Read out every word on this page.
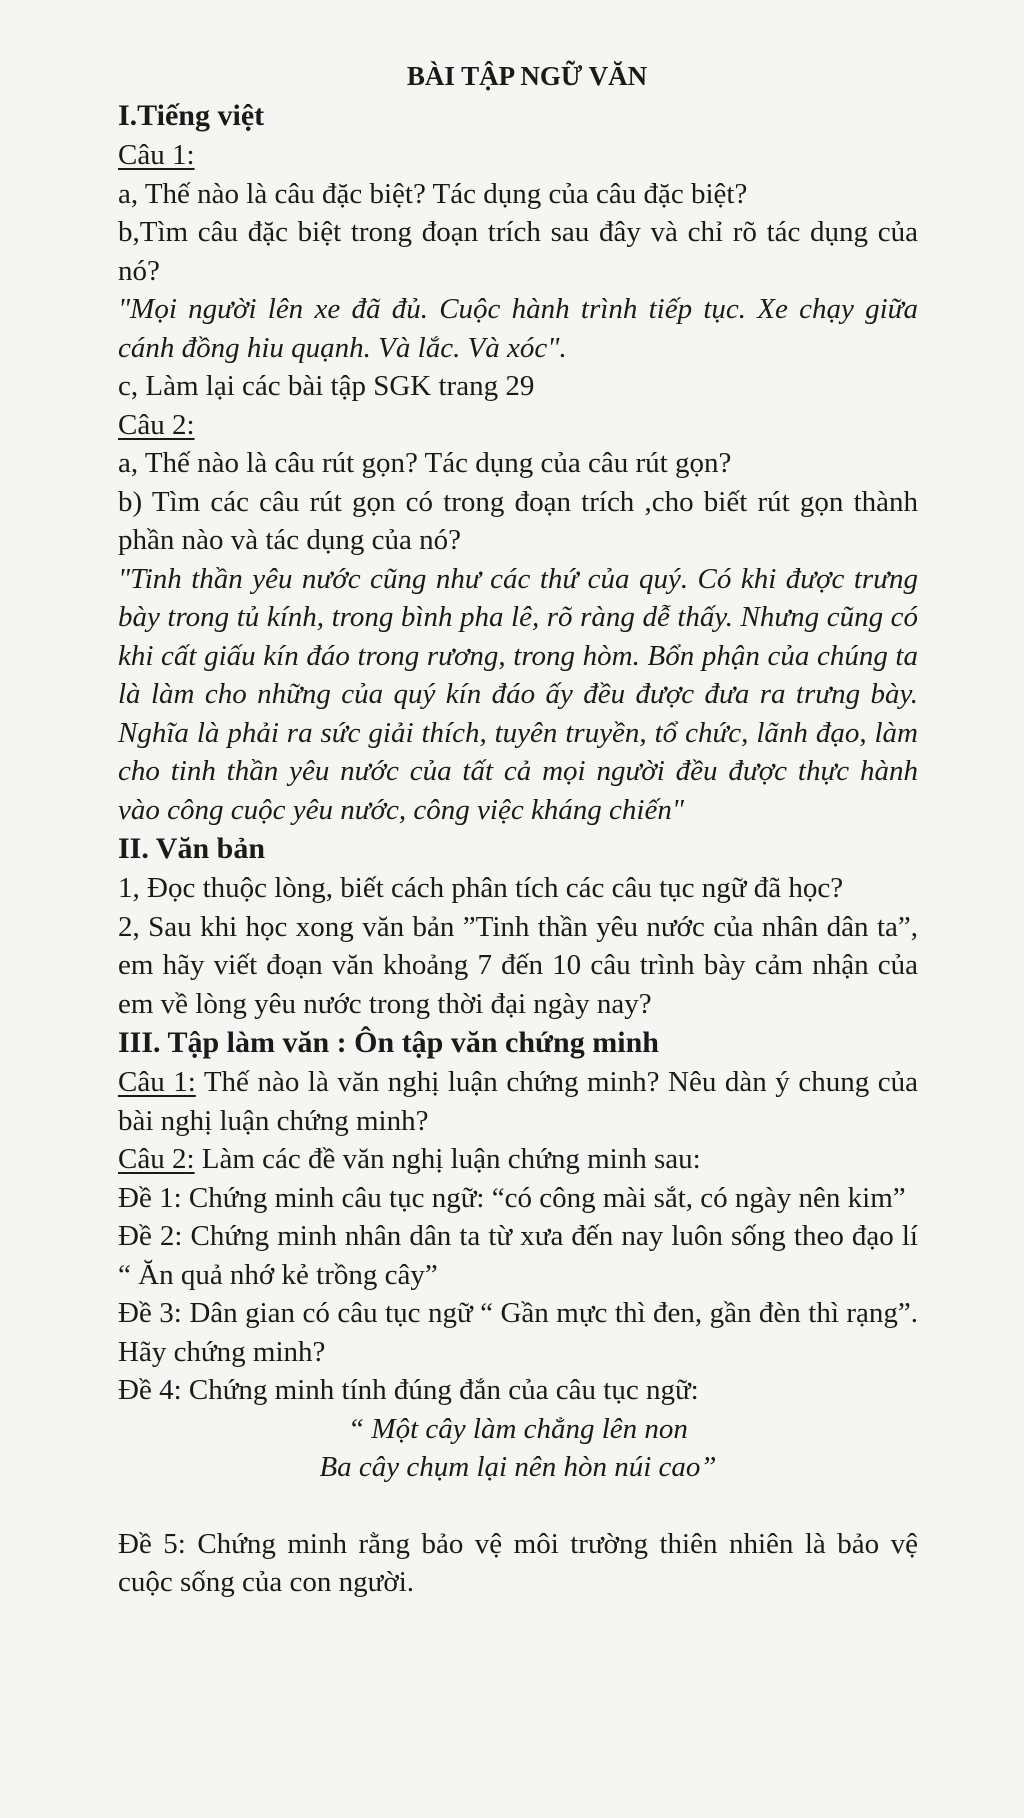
BÀI TẬP NGỮ VĂN
I.Tiếng việt

Câu 1:

a, Thế nào là câu đặc biệt? Tác dụng của câu đặc biệt?

b,Tìm câu đặc biệt trong đoạn trích sau đây và chỉ rõ tác dụng của nó?

"Mọi người lên xe đã đủ. Cuộc hành trình tiếp tục. Xe chạy giữa cánh đồng hiu quạnh. Và lắc. Và xóc".

c, Làm lại các bài tập SGK trang 29

Câu 2:

a, Thế nào là câu rút gọn? Tác dụng của câu rút gọn?

b) Tìm các câu rút gọn có trong đoạn trích ,cho biết rút gọn thành phần nào và tác dụng của nó?

"Tinh thần yêu nước cũng như các thứ của quý. Có khi được trưng bày trong tủ kính, trong bình pha lê, rõ ràng dễ thấy. Nhưng cũng có khi cất giấu kín đáo trong rương, trong hòm. Bổn phận của chúng ta là làm cho những của quý kín đáo ấy đều được đưa ra trưng bày. Nghĩa là phải ra sức giải thích, tuyên truyền, tổ chức, lãnh đạo, làm cho tinh thần yêu nước của tất cả mọi người đều được thực hành vào công cuộc yêu nước, công việc kháng chiến"

II. Văn bản

1, Đọc thuộc lòng, biết cách phân tích các câu tục ngữ đã học?

2, Sau khi học xong văn bản ”Tinh thần yêu nước của nhân dân ta”, em hãy viết đoạn văn khoảng 7 đến 10 câu trình bày cảm nhận của em về lòng yêu nước trong thời đại ngày nay?

III. Tập làm văn : Ôn tập văn chứng minh

Câu 1: Thế nào là văn nghị luận chứng minh? Nêu dàn ý chung của bài nghị luận chứng minh?

Câu 2: Làm các đề văn nghị luận chứng minh sau:

Đề 1: Chứng minh câu tục ngữ: “có công mài sắt, có ngày nên kim”

Đề 2: Chứng minh nhân dân ta từ xưa đến nay luôn sống theo đạo lí “ Ăn quả nhớ kẻ trồng cây”

Đề 3: Dân gian có câu tục ngữ “ Gần mực thì đen, gần đèn thì rạng”. Hãy chứng minh?

Đề 4: Chứng minh tính đúng đắn của câu tục ngữ:

“ Một cây làm chẳng lên non

Ba cây chụm lại nên hòn núi cao”

Đề 5: Chứng minh rằng bảo vệ môi trường thiên nhiên là bảo vệ cuộc sống của con người.
